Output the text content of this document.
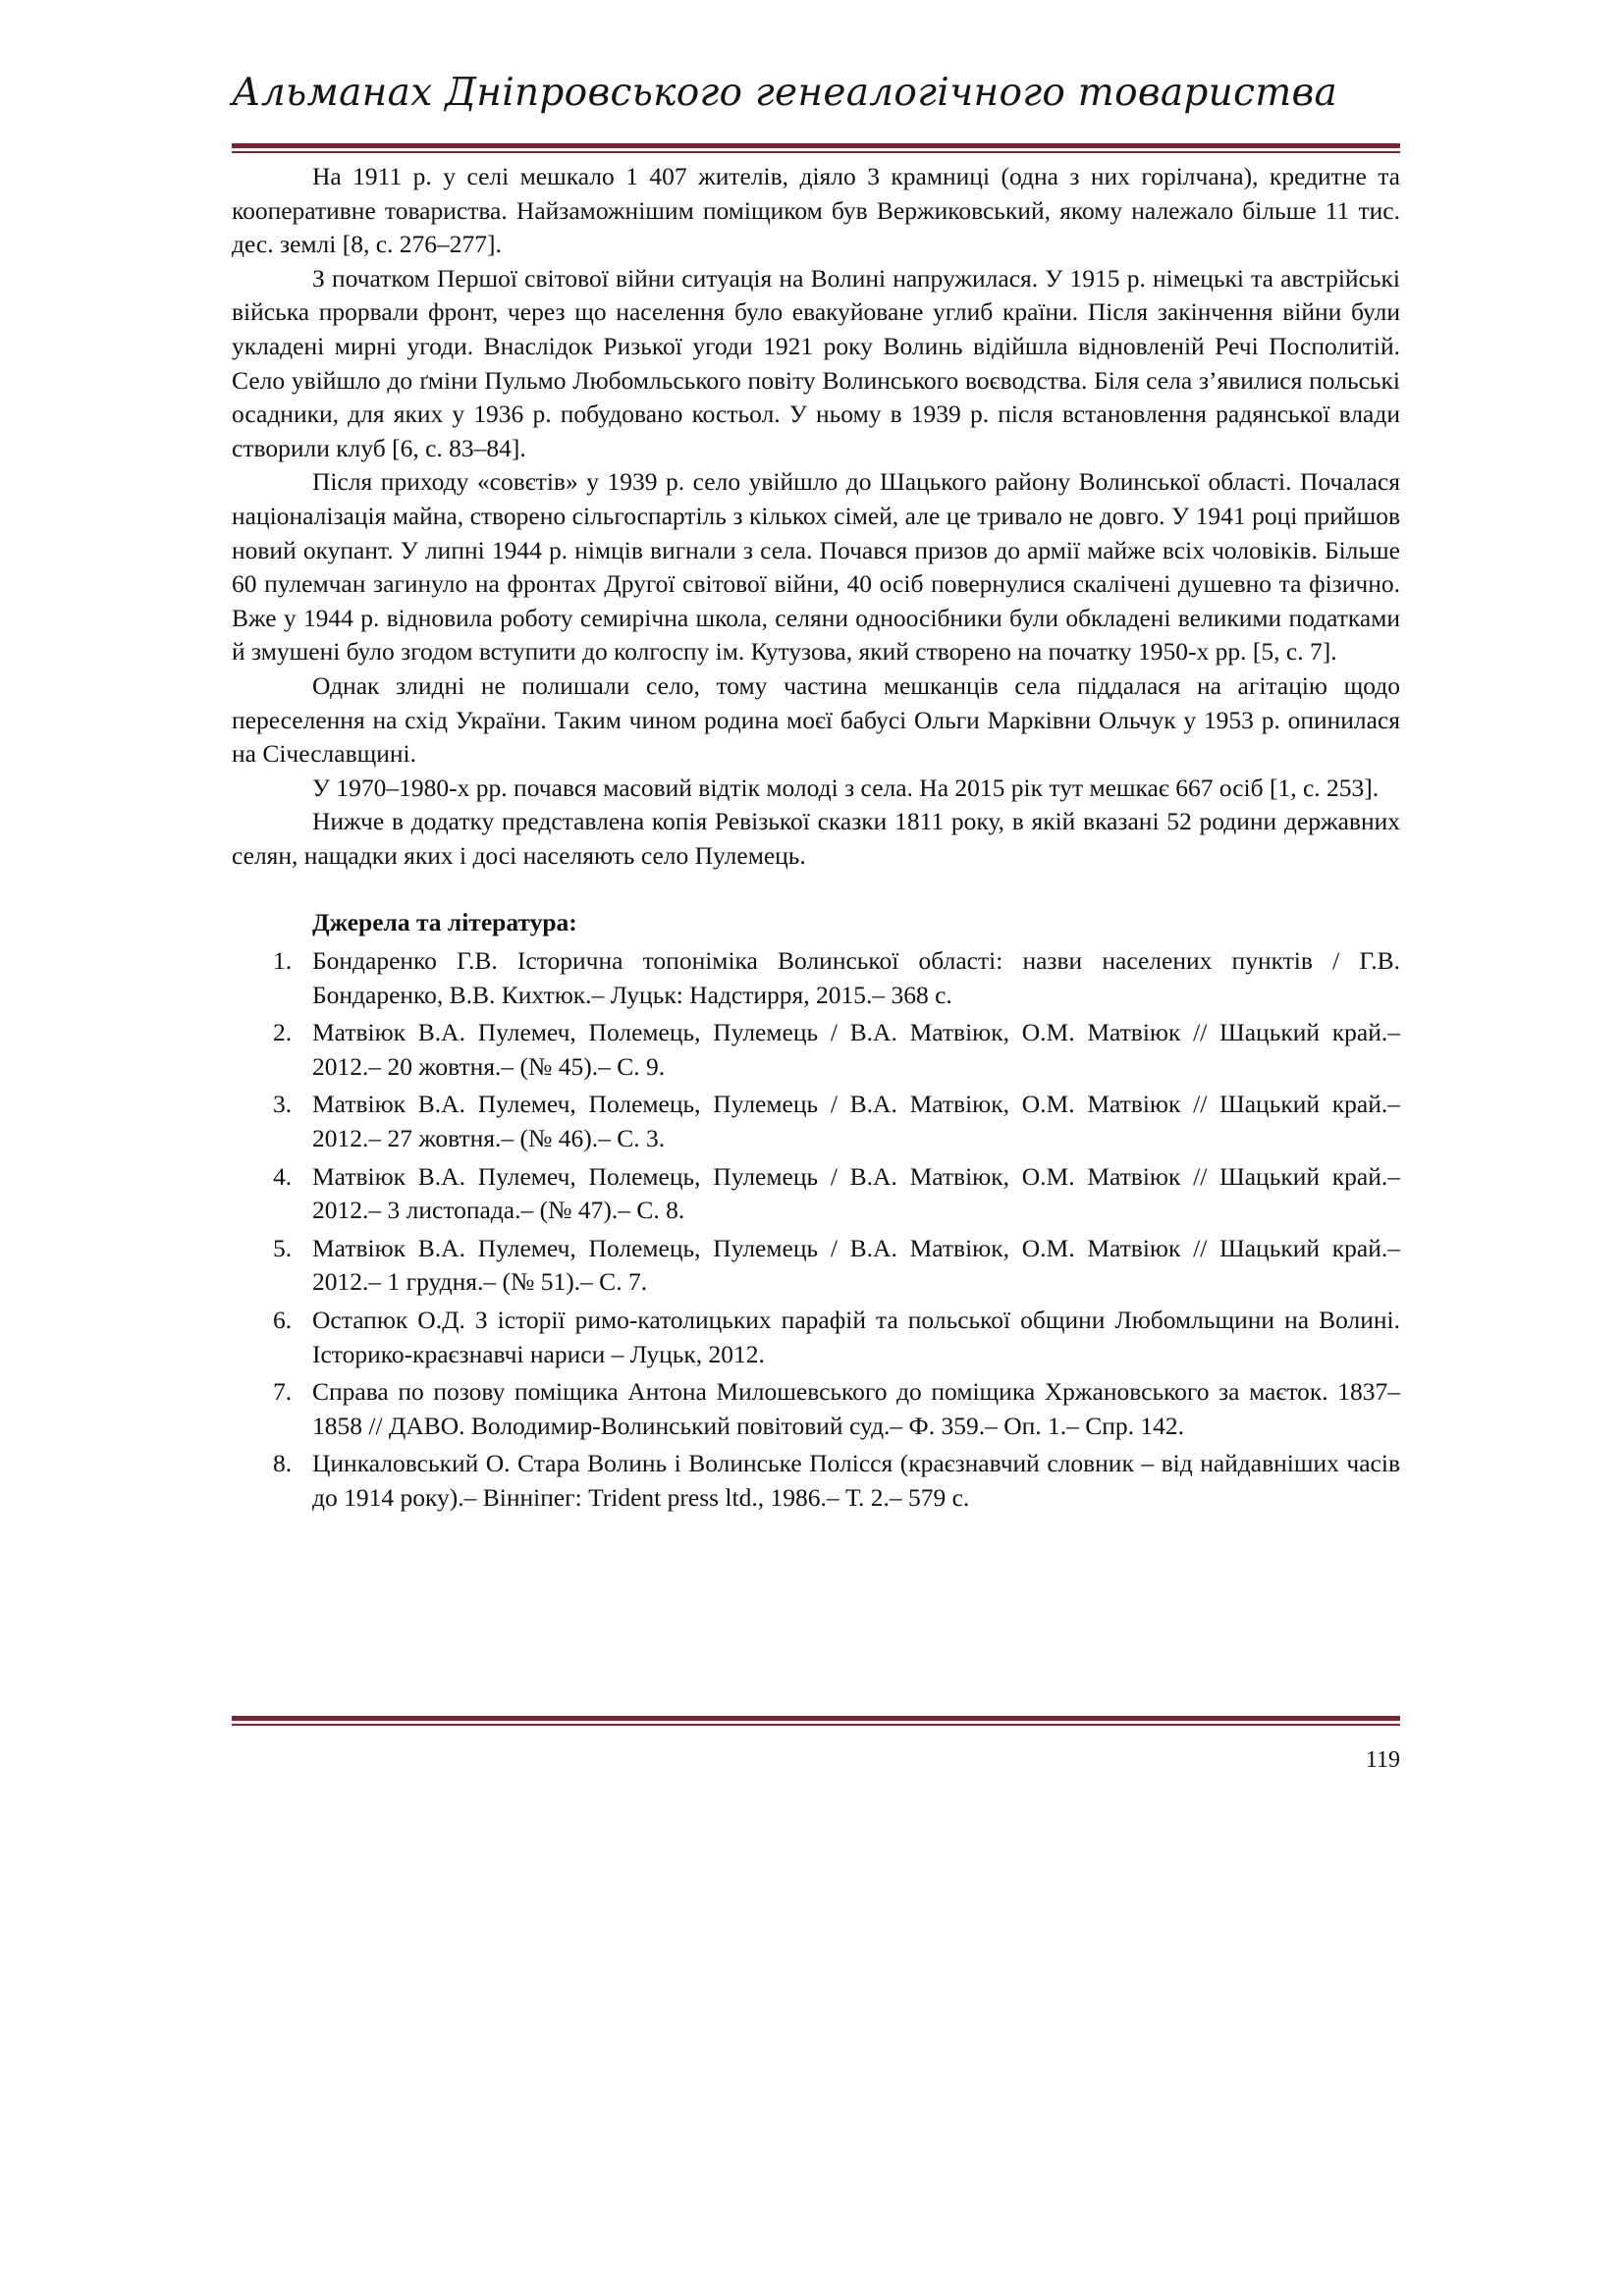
Альманах Дніпровського генеалогічного товариства

На 1911 р. у селі мешкало 1 407 жителів, діяло 3 крамниці (одна з них горілчана), кредитне та кооперативне товариства. Найзаможнішим поміщиком був Вержиковський, якому належало більше 11 тис. дес. землі [8, с. 276–277].

З початком Першої світової війни ситуація на Волині напружилася. У 1915 р. німецькі та австрійські війська прорвали фронт, через що населення було евакуйоване углиб країни. Після закінчення війни були укладені мирні угоди. Внаслідок Ризької угоди 1921 року Волинь відійшла відновленій Речі Посполитій. Село увійшло до ґміни Пульмо Любомльського повіту Волинського воєводства. Біля села з’явилися польські осадники, для яких у 1936 р. побудовано костьол. У ньому в 1939 р. після встановлення радянської влади створили клуб [6, с. 83–84].

Після приходу «совєтів» у 1939 р. село увійшло до Шацького району Волинської області. Почалася націоналізація майна, створено сільгоспартіль з кількох сімей, але це тривало не довго. У 1941 році прийшов новий окупант. У липні 1944 р. німців вигнали з села. Почався призов до армії майже всіх чоловіків. Більше 60 пулемчан загинуло на фронтах Другої світової війни, 40 осіб повернулися скалічені душевно та фізично. Вже у 1944 р. відновила роботу семирічна школа, селяни одноосібники були обкладені великими податками й змушені було згодом вступити до колгоспу ім. Кутузова, який створено на початку 1950-х рр. [5, с. 7].

Однак злидні не полишали село, тому частина мешканців села піддалася на агітацію щодо переселення на схід України. Таким чином родина моєї бабусі Ольги Марківни Ольчук у 1953 р. опинилася на Січеславщині.

У 1970–1980-х рр. почався масовий відтік молоді з села. На 2015 рік тут мешкає 667 осіб [1, с. 253].

Нижче в додатку представлена копія Ревізької сказки 1811 року, в якій вказані 52 родини державних селян, нащадки яких і досі населяють село Пулемець.

Джерела та література:
1. Бондаренко Г.В. Історична топоніміка Волинської області: назви населених пунктів / Г.В. Бондаренко, В.В. Кихтюк.– Луцьк: Надстирря, 2015.– 368 с.
2. Матвіюк В.А. Пулемеч, Полемець, Пулемець / В.А. Матвіюк, О.М. Матвіюк // Шацький край.– 2012.– 20 жовтня.– (№ 45).– С. 9.
3. Матвіюк В.А. Пулемеч, Полемець, Пулемець / В.А. Матвіюк, О.М. Матвіюк // Шацький край.– 2012.– 27 жовтня.– (№ 46).– С. 3.
4. Матвіюк В.А. Пулемеч, Полемець, Пулемець / В.А. Матвіюк, О.М. Матвіюк // Шацький край.– 2012.– 3 листопада.– (№ 47).– С. 8.
5. Матвіюк В.А. Пулемеч, Полемець, Пулемець / В.А. Матвіюк, О.М. Матвіюк // Шацький край.– 2012.– 1 грудня.– (№ 51).– С. 7.
6. Остапюк О.Д. З історії римо-католицьких парафій та польської общини Любомльщини на Волині. Історико-краєзнавчі нариси – Луцьк, 2012.
7. Справа по позову поміщика Антона Милошевського до поміщика Хржановського за маєток. 1837–1858 // ДАВО. Володимир-Волинський повітовий суд.– Ф. 359.– Оп. 1.– Спр. 142.
8. Цинкаловський О. Стара Волинь і Волинське Полісся (краєзнавчий словник – від найдавніших часів до 1914 року).– Вінніпег: Trident press ltd., 1986.– Т. 2.– 579 с.
119
